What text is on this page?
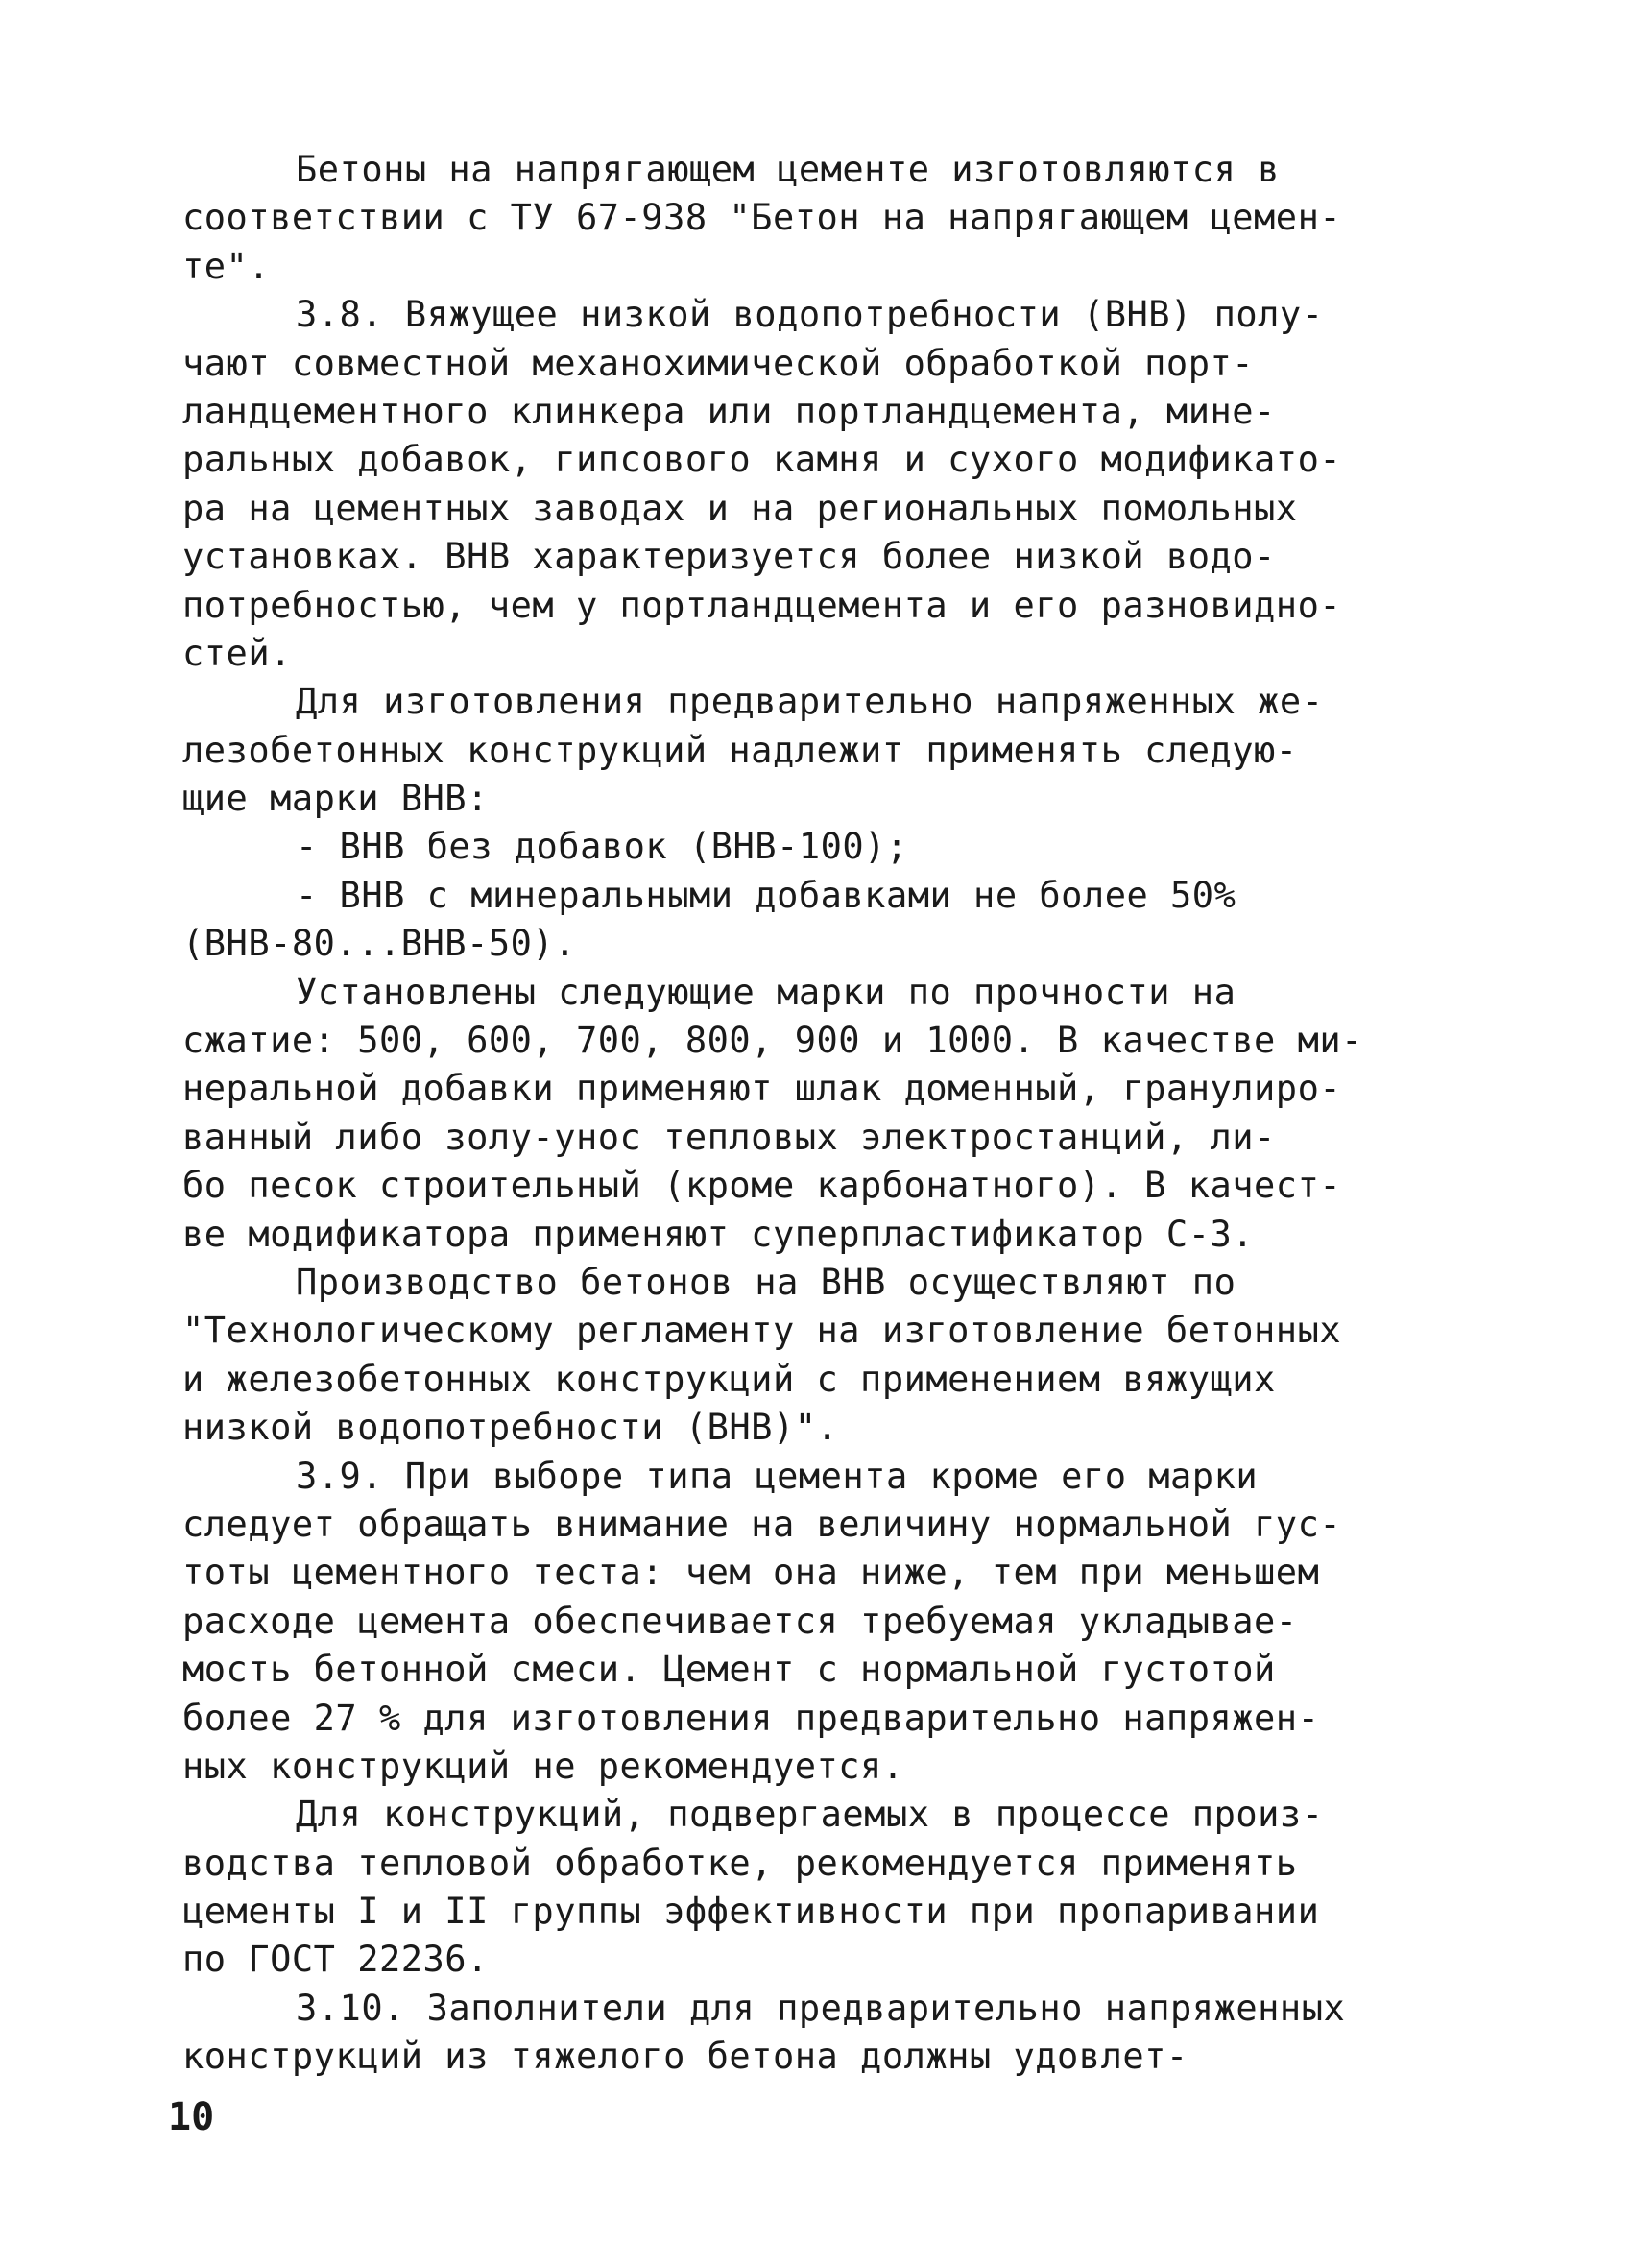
Бетоны на напрягающем цементе изготовляются в
соответствии с ТУ 67-938 "Бетон на напрягающем цемен-
те".
3.8. Вяжущее низкой водопотребности (ВНВ) полу-
чают совместной механохимической обработкой порт-
ландцементного клинкера или портландцемента, мине-
ральных добавок, гипсового камня и сухого модификато-
ра на цементных заводах и на региональных помольных
установках. ВНВ характеризуется более низкой водо-
потребностью, чем у портландцемента и его разновидно-
стей.
Для изготовления предварительно напряженных же-
лезобетонных конструкций надлежит применять следую-
щие марки ВНВ:
- ВНВ без добавок (ВНВ-100);
- ВНВ с минеральными добавками не более 50%
(ВНВ-80...ВНВ-50).
Установлены следующие марки по прочности на
сжатие: 500, 600, 700, 800, 900 и 1000. В качестве ми-
неральной добавки применяют шлак доменный, гранулиро-
ванный либо золу-унос тепловых электростанций, ли-
бо песок строительный (кроме карбонатного). В качест-
ве модификатора применяют суперпластификатор С-3.
Производство бетонов на ВНВ осуществляют по
"Технологическому регламенту на изготовление бетонных
и железобетонных конструкций с применением вяжущих
низкой водопотребности (ВНВ)".
3.9. При выборе типа цемента кроме его марки
следует обращать внимание на величину нормальной гус-
тоты цементного теста: чем она ниже, тем при меньшем
расходе цемента обеспечивается требуемая укладывае-
мость бетонной смеси. Цемент с нормальной густотой
более 27 % для изготовления предварительно напряжен-
ных конструкций не рекомендуется.
Для конструкций, подвергаемых в процессе произ-
водства тепловой обработке, рекомендуется применять
цементы I и II группы эффективности при пропаривании
по ГОСТ 22236.
3.10. Заполнители для предварительно напряженных
конструкций из тяжелого бетона должны удовлет-
10
